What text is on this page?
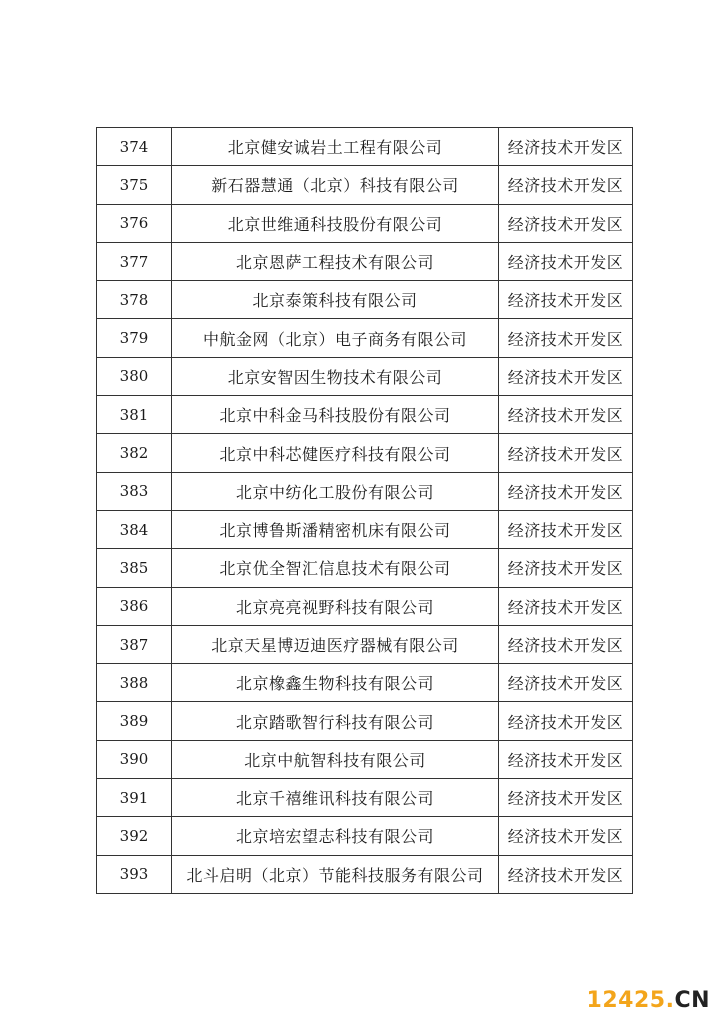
374	北京健安诚岩土工程有限公司	经济技术开发区
375	新石器慧通（北京）科技有限公司	经济技术开发区
376	北京世维通科技股份有限公司	经济技术开发区
377	北京恩萨工程技术有限公司	经济技术开发区
378	北京泰策科技有限公司	经济技术开发区
379	中航金网（北京）电子商务有限公司	经济技术开发区
380	北京安智因生物技术有限公司	经济技术开发区
381	北京中科金马科技股份有限公司	经济技术开发区
382	北京中科芯健医疗科技有限公司	经济技术开发区
383	北京中纺化工股份有限公司	经济技术开发区
384	北京博鲁斯潘精密机床有限公司	经济技术开发区
385	北京优全智汇信息技术有限公司	经济技术开发区
386	北京亮亮视野科技有限公司	经济技术开发区
387	北京天星博迈迪医疗器械有限公司	经济技术开发区
388	北京橡鑫生物科技有限公司	经济技术开发区
389	北京踏歌智行科技有限公司	经济技术开发区
390	北京中航智科技有限公司	经济技术开发区
391	北京千禧维讯科技有限公司	经济技术开发区
392	北京培宏望志科技有限公司	经济技术开发区
393	北斗启明（北京）节能科技服务有限公司	经济技术开发区
12425.CN
